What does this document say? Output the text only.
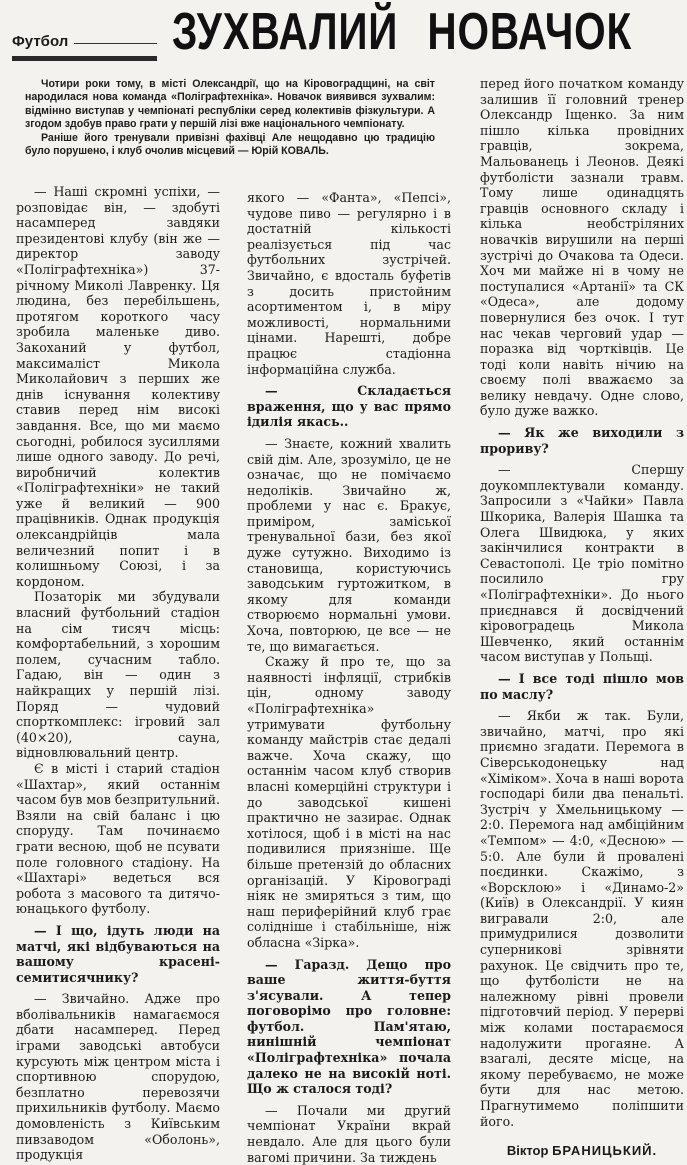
Футбол ЗУХВАЛИЙ НОВАЧОК

Чотири роки тому, в місті Олександрії, що на Кіровоградщині, на світ народилася нова команда «Поліграфтехніка». Новачок виявився зухвалим: відмінно виступав у чемпіонаті республіки серед колективів фізкультури. А згодом здобув право грати у першій лізі вже національного чемпіонату.

Раніше його тренували привізні фахівці Але нещодавно цю традицію було порушено, і клуб очолив місцевий — Юрій КОВАЛЬ.

— Наші скромні успіхи, — розповідає він, — здобуті насамперед завдяки президентові клубу (він же — директор заводу «Поліграфтехніка») 37-річному Миколі Лавренку. Ця людина, без перебільшень, протягом короткого часу зробила маленьке диво. Закоханий у футбол, максималіст Микола Миколайович з перших же днів існування колективу ставив перед нім високі завдання. Все, що ми маємо сьогодні, робилося зусиллями лише одного заводу. До речі, виробничий колектив «Поліграфтехніки» не такий уже й великий — 900 працівників. Однак продукція олександрійців мала величезний попит і в колишньому Союзі, і за кордоном.

Позаторік ми збудували власний футбольний стадіон на сім тисяч місць: комфортабельний, з хорошим полем, сучасним табло. Гадаю, він — один з найкращих у першій лізі. Поряд — чудовий спорткомплекс: ігровий зал (40×20), сауна, відновлювальний центр.

Є в місті і старий стадіон «Шахтар», який останнім часом був мов безпритульний. Взяли на свій баланс і цю споруду. Там починаємо грати весною, щоб не псувати поле головного стадіону. На «Шахтарі» ведеться вся робота з масового та дитячо-юнацького футболу.

— І що, ідуть люди на матчі, які відбуваються на вашому красені-семитисячнику?

— Звичайно. Адже про вболівальників намагаємося дбати насамперед. Перед іграми заводські автобуси курсують між центром міста і спортивною спорудою, безплатно перевозячи прихильників футболу. Маємо домовленість з Київським пивзаводом «Оболонь», продукція

якого — «Фанта», «Пепсі», чудове пиво — регулярно і в достатній кількості реалізується під час футбольних зустрічей. Звичайно, є вдосталь буфетів з досить пристойним асортиментом і, в міру можливості, нормальними цінами. Нарешті, добре працює стадіонна інформаційна служба.

— Складається враження, що у вас прямо ідилія якась..

— Знаєте, кожний хвалить свій дім. Але, зрозуміло, це не означає, що не помічаємо недоліків. Звичайно ж, проблеми у нас є. Бракує, приміром, заміської тренувальної бази, без якої дуже сутужно. Виходимо із становища, користуючись заводським гуртожитком, в якому для команди створюємо нормальні умови. Хоча, повторюю, це все — не те, що вимагається.

Скажу й про те, що за наявності інфляції, стрибків цін, одному заводу «Поліграфтехніка» утримувати футбольну команду майстрів стає дедалі важче. Хоча скажу, що останнім часом клуб створив власні комерційні структури і до заводської кишені практично не зазирає. Однак хотілося, щоб і в місті на нас подивилися приязніше. Ще більше претензій до обласних організацій. У Кіровограді ніяк не змиряться з тим, що наш периферійний клуб грає солідніше і стабільніше, ніж обласна «Зірка».

— Гаразд. Дещо про ваше життя-буття з'ясували. А тепер поговорімо про головне: футбол. Пам'ятаю, нинішній чемпіонат «Поліграфтехніка» почала далеко не на високій ноті. Що ж сталося тоді?

— Почали ми другий чемпіонат України вкрай невдало. Але для цього були вагомі причини. За тиждень

перед його початком команду залишив її головний тренер Олександр Іщенко. За ним пішло кілька провідних гравців, зокрема, Мальованець і Леонов. Деякі футболісти зазнали травм. Тому лише одинадцять гравців основного складу і кілька необстріляних новачків вирушили на перші зустрічі до Очакова та Одеси. Хоч ми майже ні в чому не поступалися «Артанії» та СК «Одеса», але додому повернулися без очок. І тут нас чекав черговий удар — поразка від чортківців. Це тоді коли навіть нічию на своєму полі вважаємо за велику невдачу. Одне слово, було дуже важко.

— Як же виходили з прориву?

— Спершу доукомплектували команду. Запросили з «Чайки» Павла Шкорика, Валерія Шашка та Олега Швидюка, у яких закінчилися контракти в Севастополі. Це тріо помітно посилило гру «Поліграфтехніки». До нього приєднався й досвідчений кіровоградець Микола Шевченко, який останнім часом виступав у Польщі.

— І все тоді пішло мов по маслу?

— Якби ж так. Були, звичайно, матчі, про які приємно згадати. Перемога в Сіверськодонецьку над «Хіміком». Хоча в наші ворота господарі били два пенальті. Зустріч у Хмельницькому — 2:0. Перемога над амбіційним «Темпом» — 4:0, «Десною» — 5:0. Але були й провалені поєдинки. Скажімо, з «Ворсклою» і «Динамо-2» (Київ) в Олександрії. У киян вигравали 2:0, але примудрилися дозволити суперникові зрівняти рахунок. Це свідчить про те, що футболісти не на належному рівні провели підготовчий період. У перерві між колами постараємося надолужити прогаяне. А взагалі, десяте місце, на якому перебуваємо, не може бути для нас метою. Прагнутимемо поліпшити його.

Віктор БРАНИЦЬКИЙ.
